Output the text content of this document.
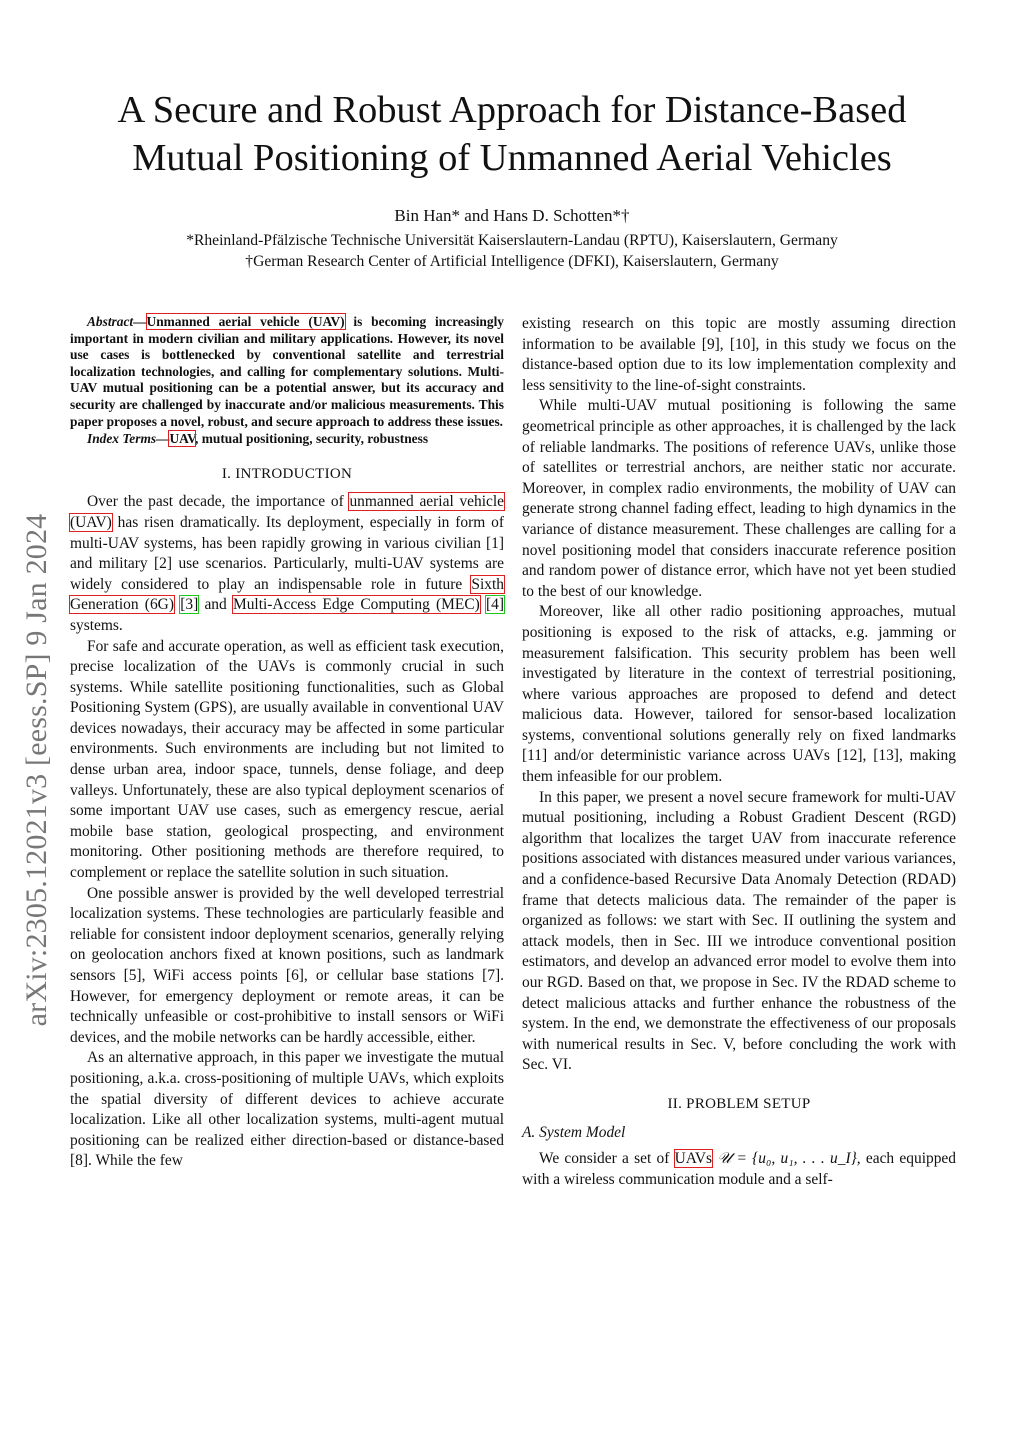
arXiv:2305.12021v3 [eess.SP] 9 Jan 2024
A Secure and Robust Approach for Distance-Based
Mutual Positioning of Unmanned Aerial Vehicles
Bin Han* and Hans D. Schotten*†
*Rheinland-Pfälzische Technische Universität Kaiserslautern-Landau (RPTU), Kaiserslautern, Germany
†German Research Center of Artificial Intelligence (DFKI), Kaiserslautern, Germany

Abstract—Unmanned aerial vehicle (UAV) is becoming increasingly important in modern civilian and military applications. However, its novel use cases is bottlenecked by conventional satellite and terrestrial localization technologies, and calling for complementary solutions. Multi-UAV mutual positioning can be a potential answer, but its accuracy and security are challenged by inaccurate and/or malicious measurements. This paper proposes a novel, robust, and secure approach to address these issues.

Index Terms—UAV, mutual positioning, security, robustness

I. INTRODUCTION

Over the past decade, the importance of unmanned aerial vehicle (UAV) has risen dramatically. Its deployment, especially in form of multi-UAV systems, has been rapidly growing in various civilian [1] and military [2] use scenarios. Particularly, multi-UAV systems are widely considered to play an indispensable role in future Sixth Generation (6G) [3] and Multi-Access Edge Computing (MEC) [4] systems.

For safe and accurate operation, as well as efficient task execution, precise localization of the UAVs is commonly crucial in such systems. While satellite positioning functionalities, such as Global Positioning System (GPS), are usually available in conventional UAV devices nowadays, their accuracy may be affected in some particular environments. Such environments are including but not limited to dense urban area, indoor space, tunnels, dense foliage, and deep valleys. Unfortunately, these are also typical deployment scenarios of some important UAV use cases, such as emergency rescue, aerial mobile base station, geological prospecting, and environment monitoring. Other positioning methods are therefore required, to complement or replace the satellite solution in such situation.

One possible answer is provided by the well developed terrestrial localization systems. These technologies are particularly feasible and reliable for consistent indoor deployment scenarios, generally relying on geolocation anchors fixed at known positions, such as landmark sensors [5], WiFi access points [6], or cellular base stations [7]. However, for emergency deployment or remote areas, it can be technically unfeasible or cost-prohibitive to install sensors or WiFi devices, and the mobile networks can be hardly accessible, either.

As an alternative approach, in this paper we investigate the mutual positioning, a.k.a. cross-positioning of multiple UAVs, which exploits the spatial diversity of different devices to achieve accurate localization. Like all other localization systems, multi-agent mutual positioning can be realized either direction-based or distance-based [8]. While the few

existing research on this topic are mostly assuming direction information to be available [9], [10], in this study we focus on the distance-based option due to its low implementation complexity and less sensitivity to the line-of-sight constraints.

While multi-UAV mutual positioning is following the same geometrical principle as other approaches, it is challenged by the lack of reliable landmarks. The positions of reference UAVs, unlike those of satellites or terrestrial anchors, are neither static nor accurate. Moreover, in complex radio environments, the mobility of UAV can generate strong channel fading effect, leading to high dynamics in the variance of distance measurement. These challenges are calling for a novel positioning model that considers inaccurate reference position and random power of distance error, which have not yet been studied to the best of our knowledge.

Moreover, like all other radio positioning approaches, mutual positioning is exposed to the risk of attacks, e.g. jamming or measurement falsification. This security problem has been well investigated by literature in the context of terrestrial positioning, where various approaches are proposed to defend and detect malicious data. However, tailored for sensor-based localization systems, conventional solutions generally rely on fixed landmarks [11] and/or deterministic variance across UAVs [12], [13], making them infeasible for our problem.

In this paper, we present a novel secure framework for multi-UAV mutual positioning, including a Robust Gradient Descent (RGD) algorithm that localizes the target UAV from inaccurate reference positions associated with distances measured under various variances, and a confidence-based Recursive Data Anomaly Detection (RDAD) frame that detects malicious data. The remainder of the paper is organized as follows: we start with Sec. II outlining the system and attack models, then in Sec. III we introduce conventional position estimators, and develop an advanced error model to evolve them into our RGD. Based on that, we propose in Sec. IV the RDAD scheme to detect malicious attacks and further enhance the robustness of the system. In the end, we demonstrate the effectiveness of our proposals with numerical results in Sec. V, before concluding the work with Sec. VI.

II. PROBLEM SETUP
A. System Model

We consider a set of UAVs 𝒰 = {u₀, u₁, . . . u_I}, each equipped with a wireless communication module and a self-
